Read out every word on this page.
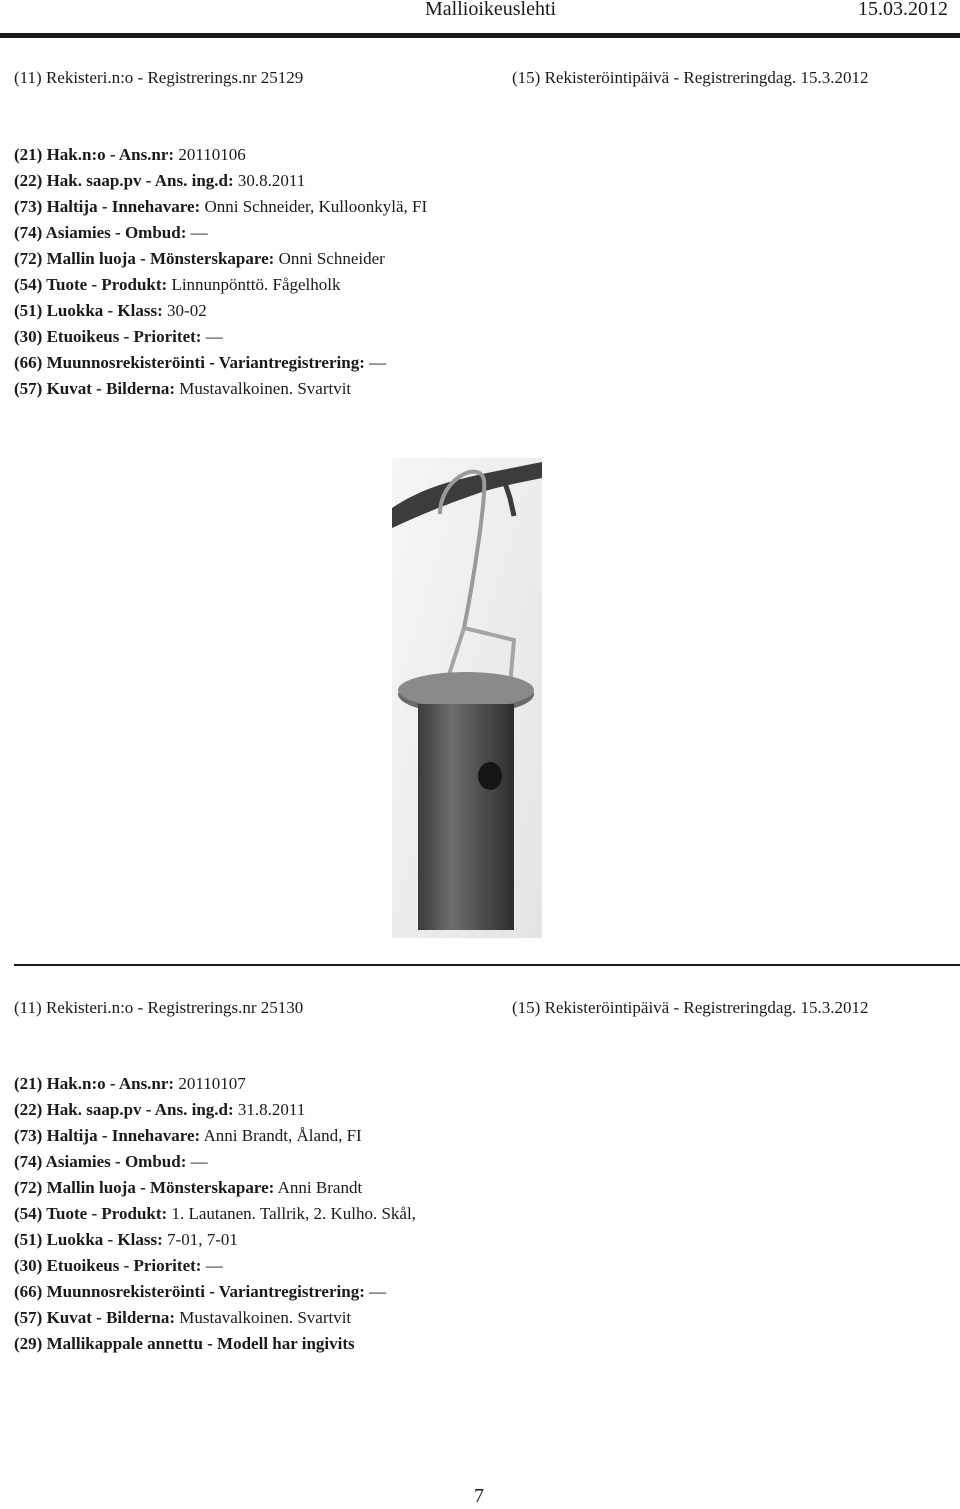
Mallioikeuslehti	15.03.2012
(11) Rekisteri.n:o - Registrerings.nr 25129	(15) Rekisteröintipäivä - Registreringdag. 15.3.2012
(21) Hak.n:o - Ans.nr: 20110106
(22) Hak. saap.pv - Ans. ing.d: 30.8.2011
(73) Haltija - Innehavare: Onni Schneider, Kulloonkylä, FI
(74) Asiamies - Ombud: —
(72) Mallin luoja - Mönsterskapare: Onni Schneider
(54) Tuote - Produkt: Linnunpönttö. Fågelholk
(51) Luokka - Klass: 30-02
(30) Etuoikeus - Prioritet: —
(66) Muunnosrekisteröinti - Variantregistrering: —
(57) Kuvat - Bilderna: Mustavalkoinen. Svartvit
(11) Rekisteri.n:o - Registrerings.nr 25130	(15) Rekisteröintipäivä - Registreringdag. 15.3.2012
(21) Hak.n:o - Ans.nr: 20110107
(22) Hak. saap.pv - Ans. ing.d: 31.8.2011
(73) Haltija - Innehavare: Anni Brandt, Åland, FI
(74) Asiamies - Ombud: —
(72) Mallin luoja - Mönsterskapare: Anni Brandt
(54) Tuote - Produkt: 1. Lautanen. Tallrik, 2. Kulho. Skål,
(51) Luokka - Klass: 7-01, 7-01
(30) Etuoikeus - Prioritet: —
(66) Muunnosrekisteröinti - Variantregistrering: —
(57) Kuvat - Bilderna: Mustavalkoinen. Svartvit
(29) Mallikappale annettu - Modell har ingivits
7
